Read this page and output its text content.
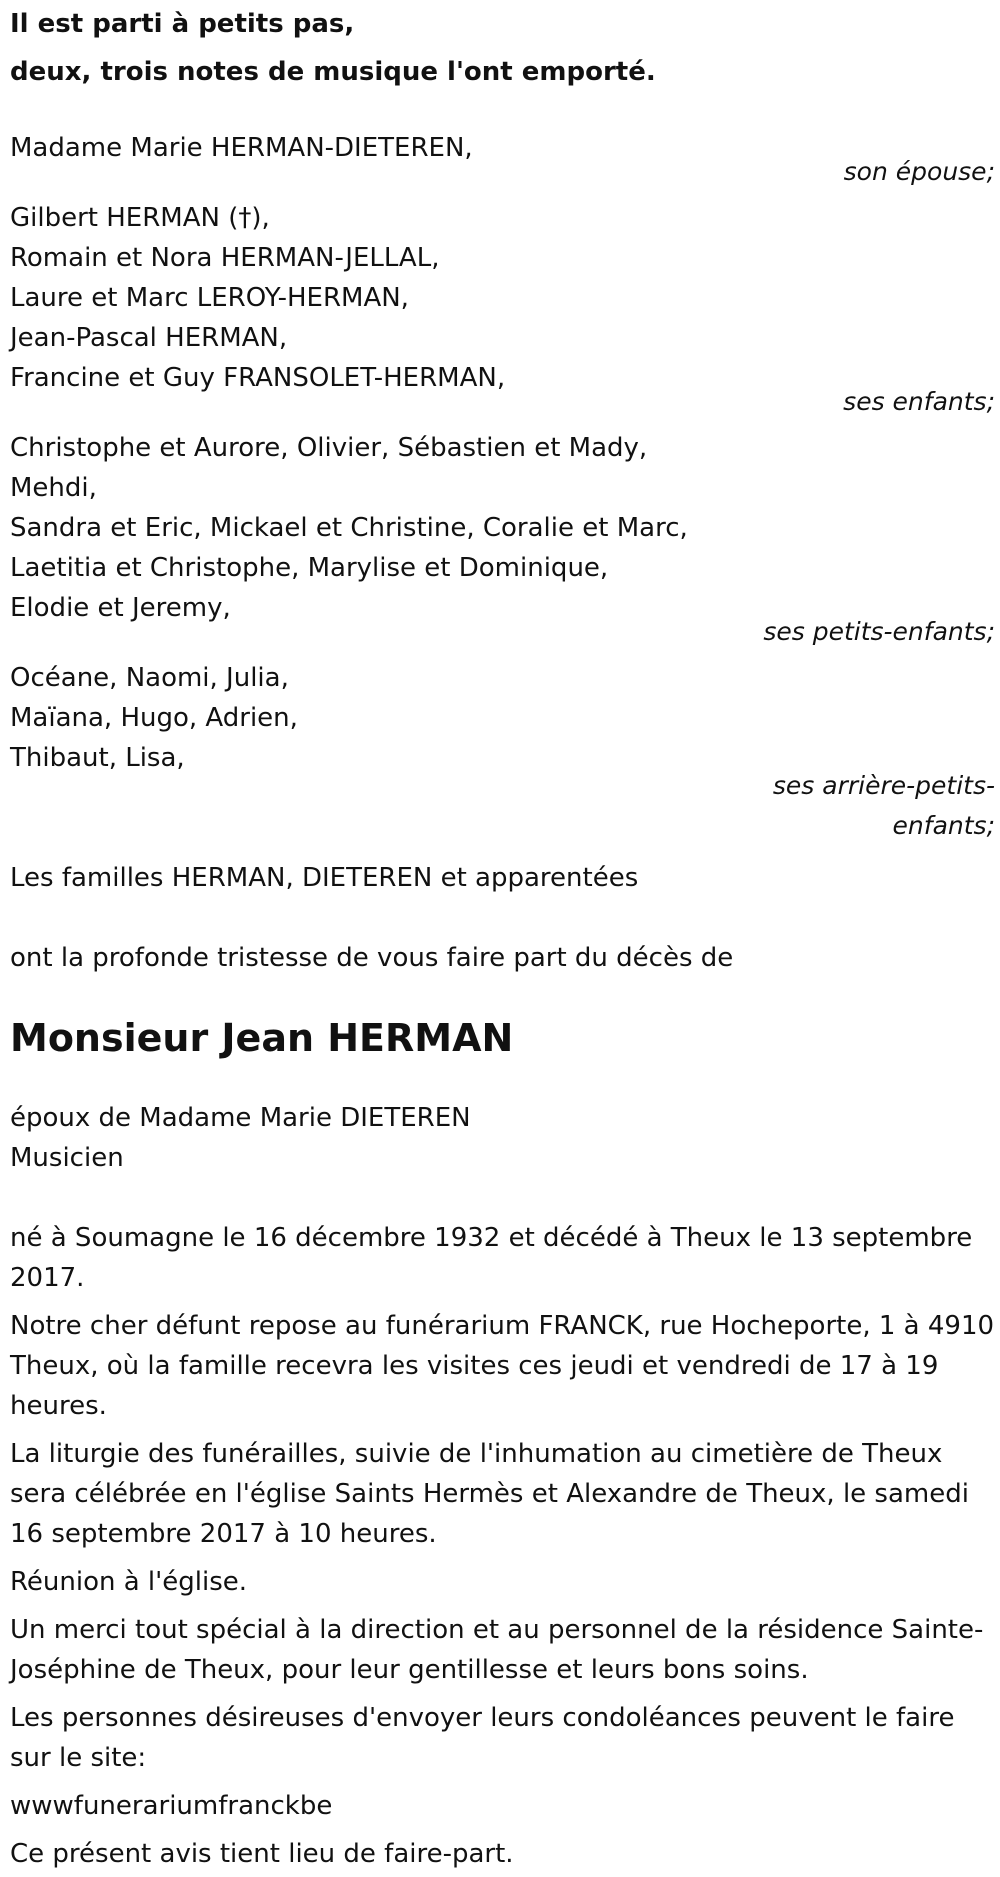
Il est parti à petits pas,
deux, trois notes de musique l'ont emporté.
Madame Marie HERMAN-DIETEREN,
son épouse;
Gilbert HERMAN (†),
Romain et Nora HERMAN-JELLAL,
Laure et Marc LEROY-HERMAN,
Jean-Pascal HERMAN,
Francine et Guy FRANSOLET-HERMAN,
ses enfants;
Christophe et Aurore, Olivier, Sébastien et Mady,
Mehdi,
Sandra et Eric, Mickael et Christine, Coralie et Marc,
Laetitia et Christophe, Marylise et Dominique,
Elodie et Jeremy,
ses petits-enfants;
Océane, Naomi, Julia,
Maïana, Hugo, Adrien,
Thibaut, Lisa,
ses arrière-petits-
enfants;
Les familles HERMAN, DIETEREN et apparentées
ont la profonde tristesse de vous faire part du décès de
Monsieur Jean HERMAN
époux de Madame Marie DIETEREN
Musicien
né à Soumagne le 16 décembre 1932 et décédé à Theux le 13 septembre 2017.
Notre cher défunt repose au funérarium FRANCK, rue Hocheporte, 1 à 4910 Theux, où la famille recevra les visites ces jeudi et vendredi de 17 à 19 heures.
La liturgie des funérailles, suivie de l'inhumation au cimetière de Theux sera célébrée en l'église Saints Hermès et Alexandre de Theux, le samedi 16 septembre 2017 à 10 heures.
Réunion à l'église.
Un merci tout spécial à la direction et au personnel de la résidence Sainte-Joséphine de Theux, pour leur gentillesse et leurs bons soins.
Les personnes désireuses d'envoyer leurs condoléances peuvent le faire sur le site:
wwwfunerariumfranckbe
Ce présent avis tient lieu de faire-part.
